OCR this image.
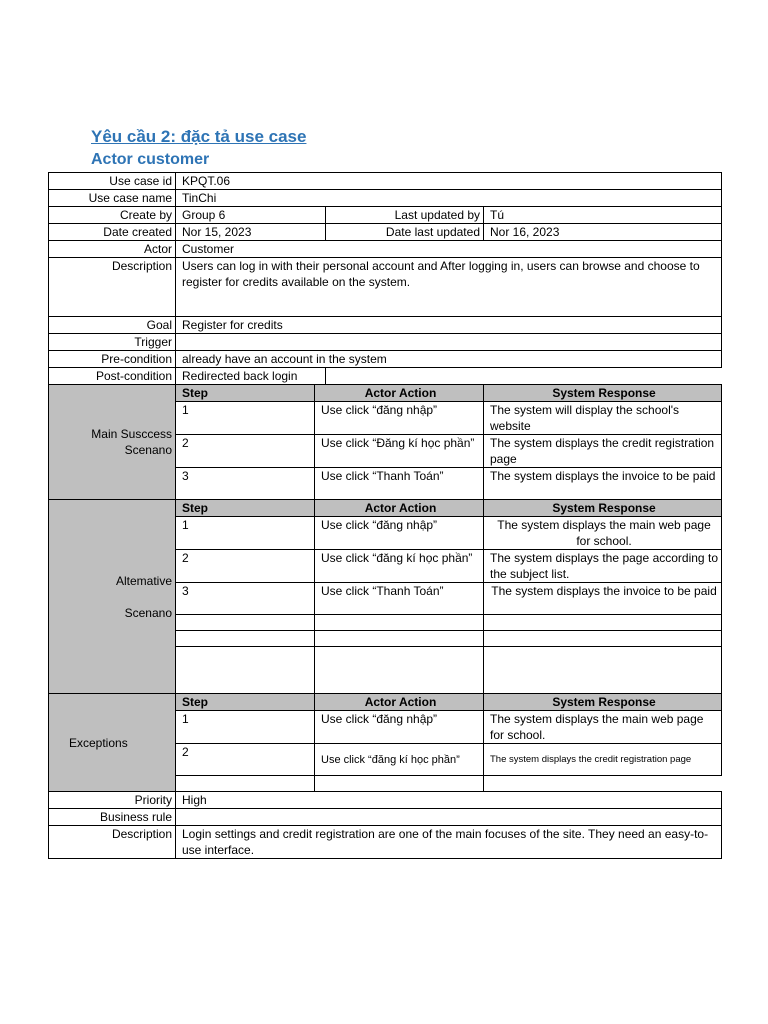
Yêu cầu 2: đặc tả use case
Actor customer
Use case id	KPQT.06			
Use case name	TinChi			
Create by	Group 6		Last updated by	Tú
Date created	Nor 15, 2023		Date last updated	Nor 16, 2023
Actor	Customer			
Description	Users can log in with their personal account and After logging in, users can browse and choose to register for credits available on the system.			
Goal	Register for credits			
Trigger				
Pre-condition	already have an account in the system			
Post-condition	Redirected back login			
Main Susccess
Scenano	Step	Actor Action		System Response
	1	Use click “đăng nhập”		The system will display the school's website
	2	Use click “Đăng kí học phần”		The system displays the credit registration page
	3	Use click “Thanh Toán”		The system displays the invoice to be paid
Altemative

Scenano	Step	Actor Action		System Response
	1	Use click “đăng nhập”		The system displays the main web page for school.
	2	Use click “đăng kí học phần”		The system displays the page according to the subject list.
	3	Use click “Thanh Toán”		The system displays the invoice to be paid

Exceptions	Step	Actor Action		System Response
	1	Use click “đăng nhập”		The system displays the main web page for school.
	2	Use click “đăng kí học phần”		The system displays the credit registration page

Priority	High			
Business rule				
Description	Login settings and credit registration are one of the main focuses of the site. They need an easy-to-use interface.			
